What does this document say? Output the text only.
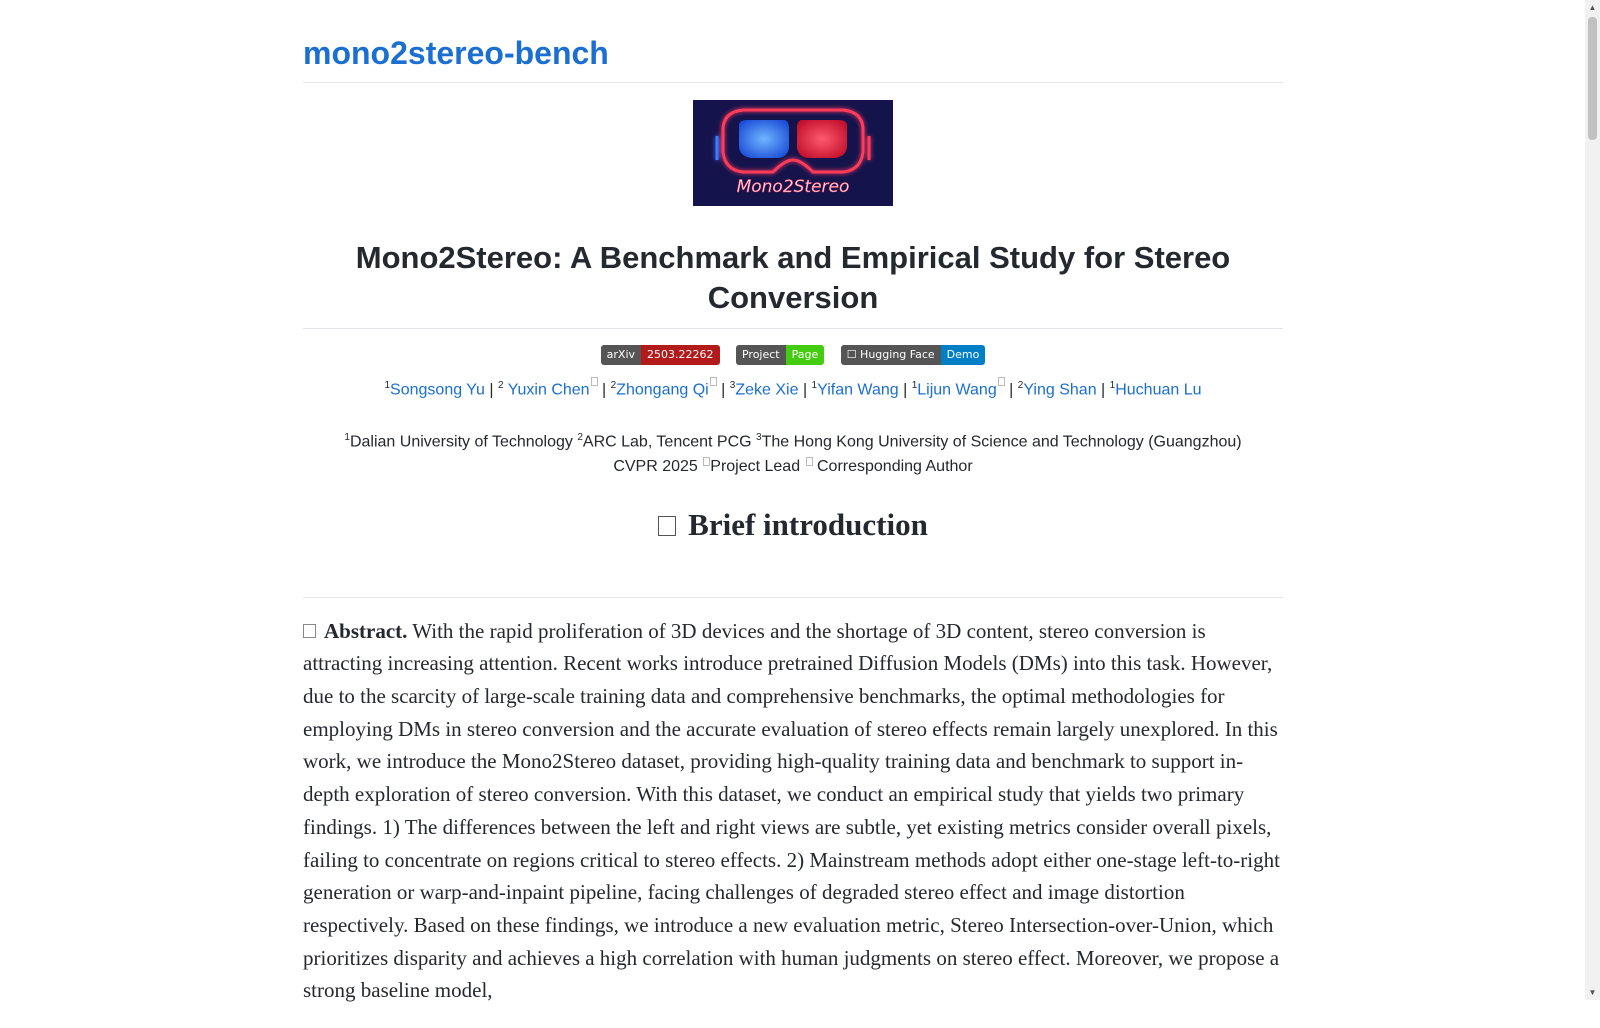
mono2stereo-bench
Mono2Stereo
Mono2Stereo: A Benchmark and Empirical Study for Stereo Conversion
arXiv	2503.22262
	Project	Page
	☐ Hugging Face	Demo
$^1$Songsong Yu | $^2$ Yuxin Chen | $^2$Zhongang Qi | $^3$Zeke Xie | $^1$Yifan Wang | $^1$Lijun Wang | $^2$Ying Shan | $^1$Huchuan Lu
$^1$Dalian University of Technology $^2$ARC Lab, Tencent PCG $^3$The Hong Kong University of Science and Technology (Guangzhou)
CVPR 2025 Project Lead  Corresponding Author
Brief introduction

Abstract. With the rapid proliferation of 3D devices and the shortage of 3D content, stereo conversion is attracting increasing attention. Recent works introduce pretrained Diffusion Models (DMs) into this task. However, due to the scarcity of large-scale training data and comprehensive benchmarks, the optimal methodologies for employing DMs in stereo conversion and the accurate evaluation of stereo effects remain largely unexplored. In this work, we introduce the Mono2Stereo dataset, providing high-quality training data and benchmark to support in-depth exploration of stereo conversion. With this dataset, we conduct an empirical study that yields two primary findings. 1) The differences between the left and right views are subtle, yet existing metrics consider overall pixels, failing to concentrate on regions critical to stereo effects. 2) Mainstream methods adopt either one-stage left-to-right generation or warp-and-inpaint pipeline, facing challenges of degraded stereo effect and image distortion respectively. Based on these findings, we introduce a new evaluation metric, Stereo Intersection-over-Union, which prioritizes disparity and achieves a high correlation with human judgments on stereo effect. Moreover, we propose a strong baseline model,

▲
▼
